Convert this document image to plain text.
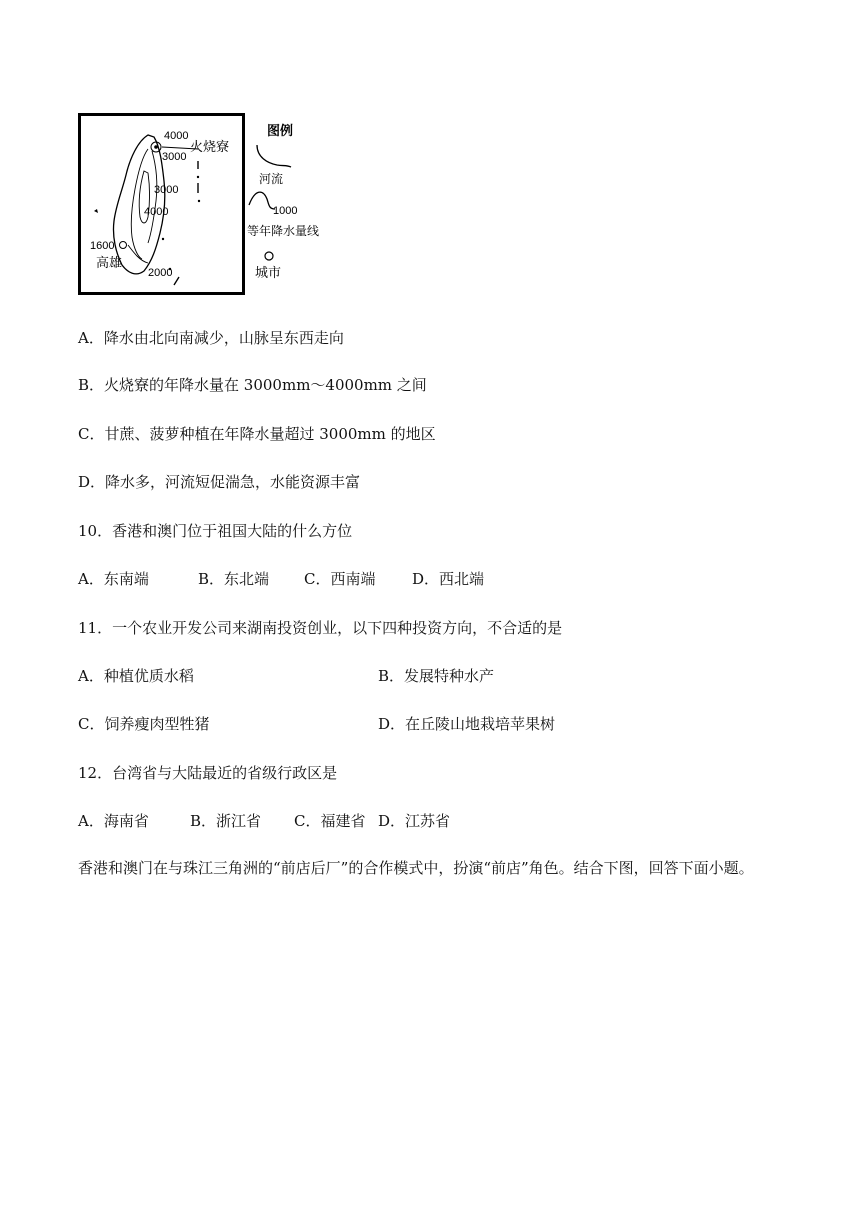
4000
火烧寮
3000
3000
4000
1600
高雄
2000
图例
河流
1000
等年降水量线
城市
A．降水由北向南减少，山脉呈东西走向
B．火烧寮的年降水量在 3000mm～4000mm 之间
C．甘蔗、菠萝种植在年降水量超过 3000mm 的地区
D．降水多，河流短促湍急，水能资源丰富
10．香港和澳门位于祖国大陆的什么方位
A．东南端	B．东北端 C．西南端 D．西北端
11．一个农业开发公司来湖南投资创业，以下四种投资方向，不合适的是
A．种植优质水稻	B．发展特种水产
C．饲养瘦肉型牲猪	D．在丘陵山地栽培苹果树
12．台湾省与大陆最近的省级行政区是
A．海南省	B．浙江省 C．福建省 D．江苏省
香港和澳门在与珠江三角洲的“前店后厂”的合作模式中，扮演“前店”角色。结合下图，回答下面小题。
